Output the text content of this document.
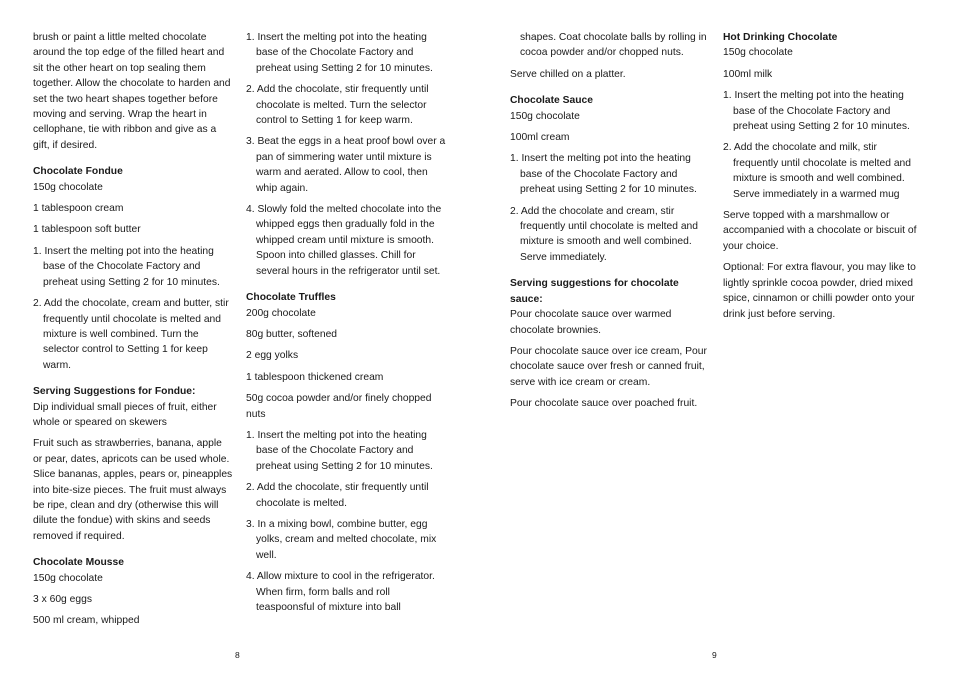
brush or paint a little melted chocolate around the top edge of the filled heart and sit the other heart on top sealing them together. Allow the chocolate to harden and set the two heart shapes together before moving and serving. Wrap the heart in cellophane, tie with ribbon and give as a gift, if desired.
Chocolate Fondue
150g chocolate
1 tablespoon cream
1 tablespoon soft butter
1. Insert the melting pot into the heating base of the Chocolate Factory and preheat using Setting 2 for 10 minutes.
2. Add the chocolate, cream and butter, stir frequently until chocolate is melted and mixture is well combined. Turn the selector control to Setting 1 for keep warm.
Serving Suggestions for Fondue:
Dip individual small pieces of fruit, either whole or speared on skewers
Fruit such as strawberries, banana, apple or pear, dates, apricots can be used whole. Slice bananas, apples, pears or, pineapples into bite-size pieces. The fruit must always be ripe, clean and dry (otherwise this will dilute the fondue) with skins and seeds removed if required.
Chocolate Mousse
150g chocolate
3 x 60g eggs
500 ml cream, whipped
1. Insert the melting pot into the heating base of the Chocolate Factory and preheat using Setting 2 for 10 minutes.
2. Add the chocolate, stir frequently until chocolate is melted. Turn the selector control to Setting 1 for keep warm.
3. Beat the eggs in a heat proof bowl over a pan of simmering water until mixture is warm and aerated. Allow to cool, then whip again.
4. Slowly fold the melted chocolate into the whipped eggs then gradually fold in the whipped cream until mixture is smooth. Spoon into chilled glasses. Chill for several hours in the refrigerator until set.
Chocolate Truffles
200g chocolate
80g butter, softened
2 egg yolks
1 tablespoon thickened cream
50g cocoa powder and/or finely chopped nuts
1. Insert the melting pot into the heating base of the Chocolate Factory and preheat using Setting 2 for 10 minutes.
2. Add the chocolate, stir frequently until chocolate is melted.
3. In a mixing bowl, combine butter, egg yolks, cream and melted chocolate, mix well.
4. Allow mixture to cool in the refrigerator. When firm, form balls and roll teaspoonsful of mixture into ball
shapes. Coat chocolate balls by rolling in cocoa powder and/or chopped nuts.
Serve chilled on a platter.
Chocolate Sauce
150g chocolate
100ml cream
1. Insert the melting pot into the heating base of the Chocolate Factory and preheat using Setting 2 for 10 minutes.
2. Add the chocolate and cream, stir frequently until chocolate is melted and mixture is smooth and well combined. Serve immediately.
Serving suggestions for chocolate sauce:
Pour chocolate sauce over warmed chocolate brownies.
Pour chocolate sauce over ice cream, Pour chocolate sauce over fresh or canned fruit, serve with ice cream or cream.
Pour chocolate sauce over poached fruit.
Hot Drinking Chocolate
150g chocolate
100ml milk
1. Insert the melting pot into the heating base of the Chocolate Factory and preheat using Setting 2 for 10 minutes.
2. Add the chocolate and milk, stir frequently until chocolate is melted and mixture is smooth and well combined. Serve immediately in a warmed mug
Serve topped with a marshmallow or accompanied with a chocolate or biscuit of your choice.
Optional: For extra flavour, you may like to lightly sprinkle cocoa powder, dried mixed spice, cinnamon or chilli powder onto your drink just before serving.
8	9
